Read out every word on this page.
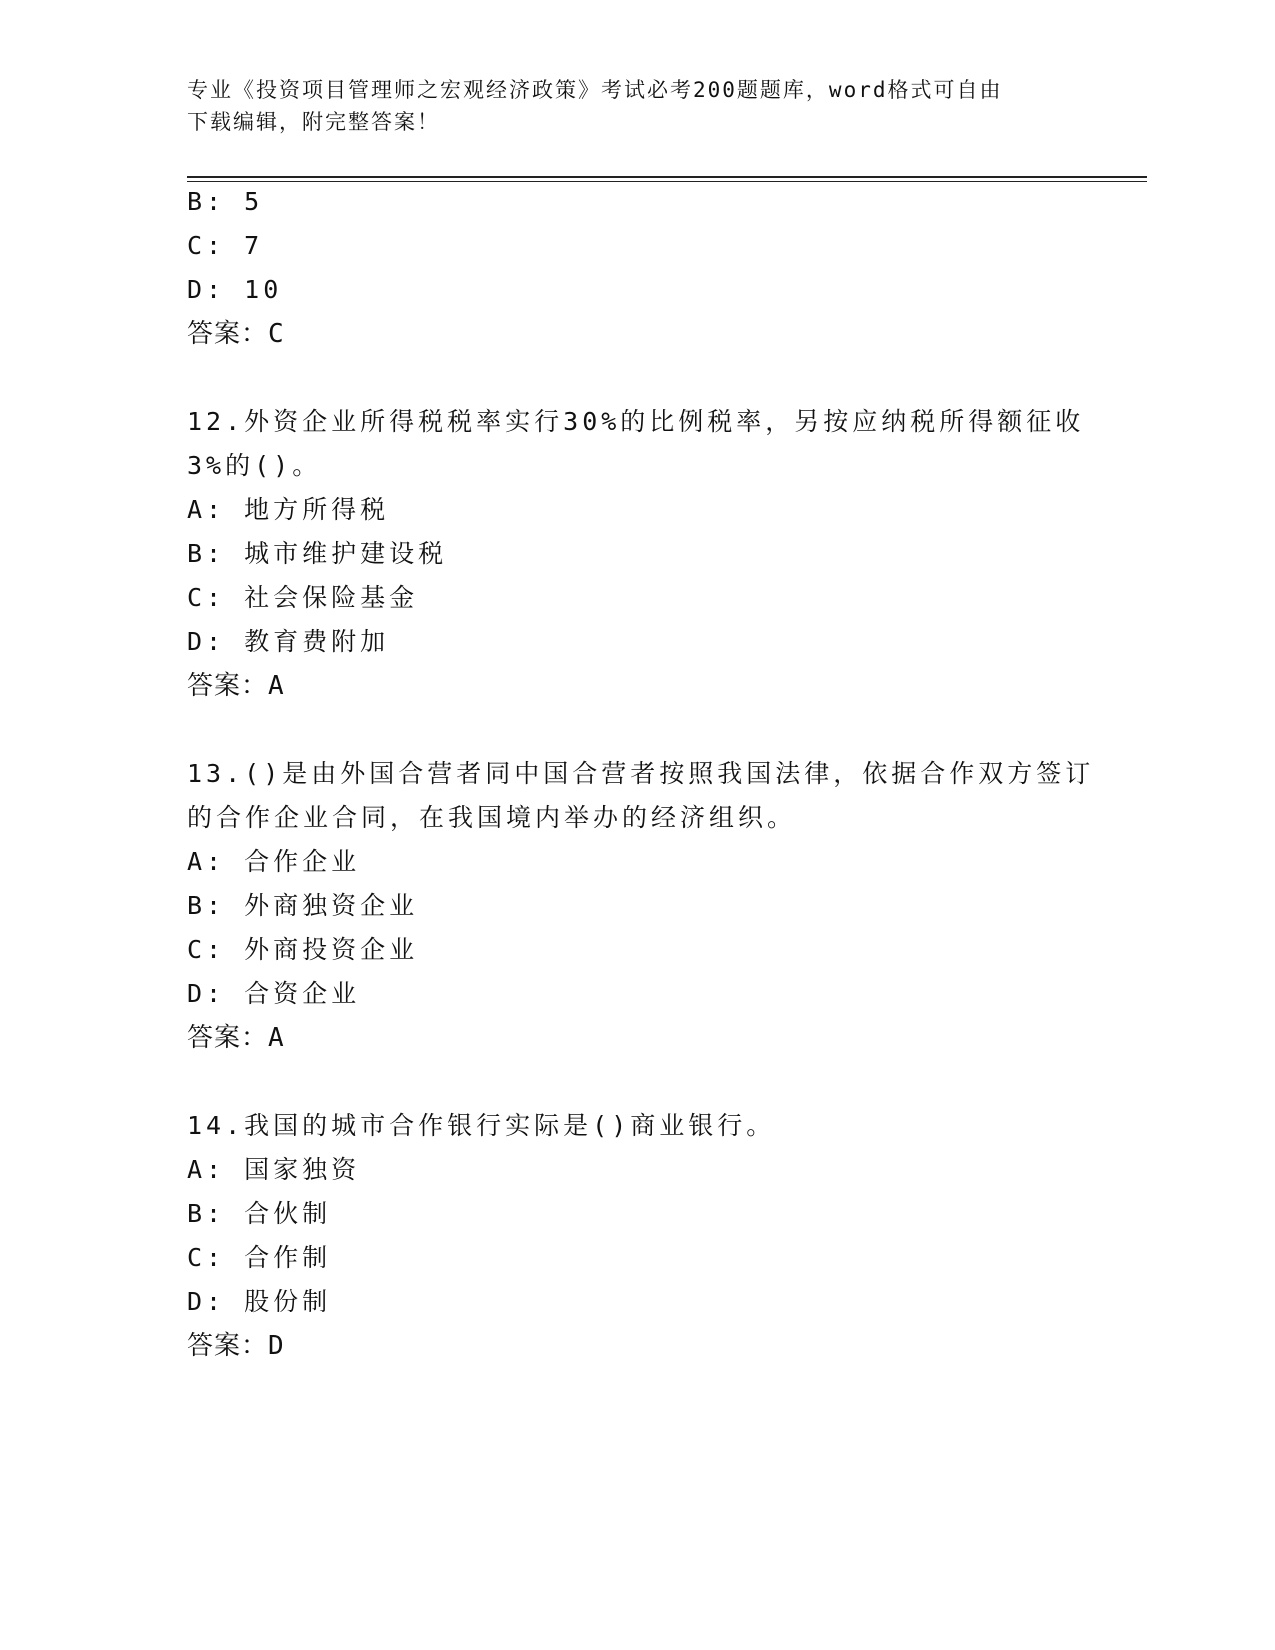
专业《投资项目管理师之宏观经济政策》考试必考200题题库，word格式可自由
下载编辑，附完整答案！
B: 5
C: 7
D: 10
答案：C
12.外资企业所得税税率实行30%的比例税率，另按应纳税所得额征收
3%的()。
A: 地方所得税
B: 城市维护建设税
C: 社会保险基金
D: 教育费附加
答案：A
13.()是由外国合营者同中国合营者按照我国法律，依据合作双方签订
的合作企业合同，在我国境内举办的经济组织。
A: 合作企业
B: 外商独资企业
C: 外商投资企业
D: 合资企业
答案：A
14.我国的城市合作银行实际是()商业银行。
A: 国家独资
B: 合伙制
C: 合作制
D: 股份制
答案：D
